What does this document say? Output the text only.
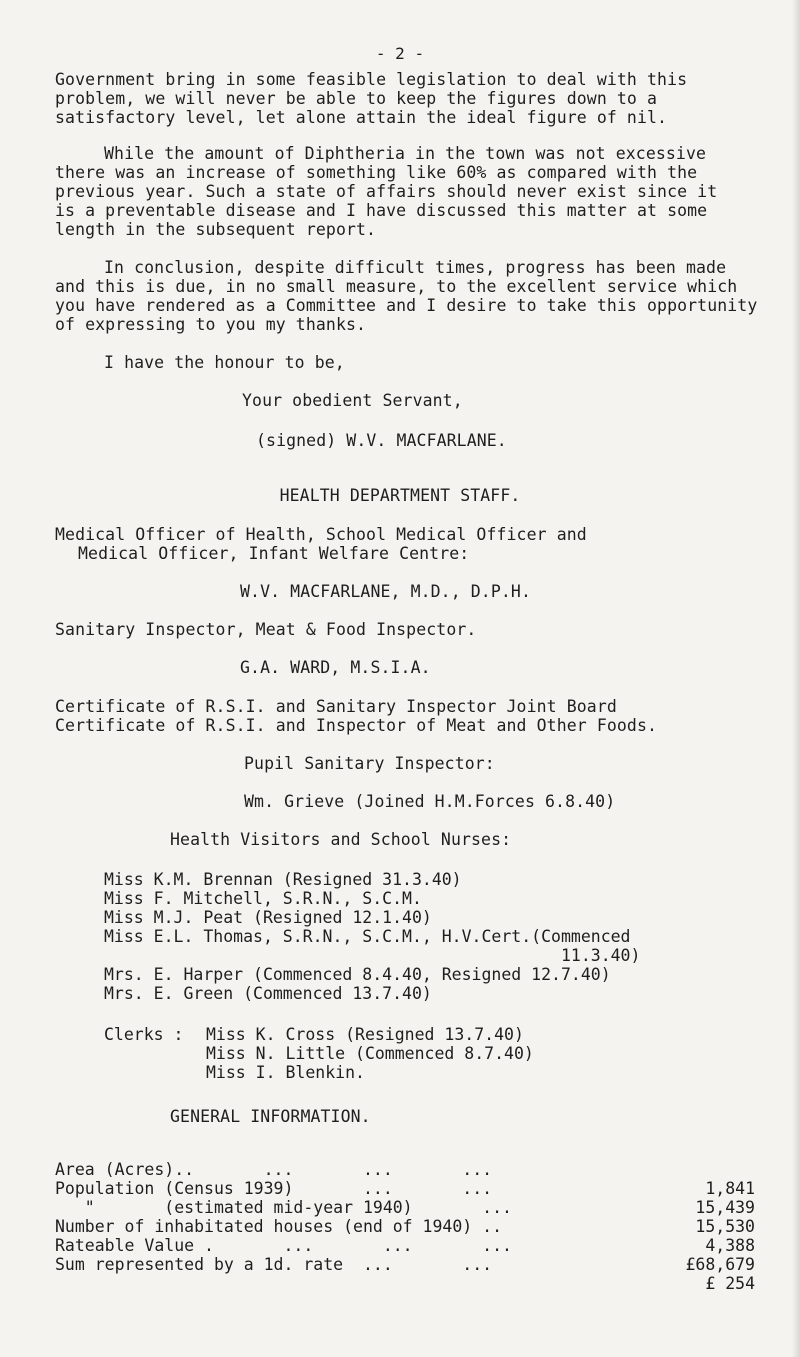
- 2 -
Government bring in some feasible legislation to deal with this
problem, we will never be able to keep the figures down to a
satisfactory level, let alone attain the ideal figure of nil.
While the amount of Diphtheria in the town was not excessive
there was an increase of something like 60% as compared with the
previous year. Such a state of affairs should never exist since it
is a preventable disease and I have discussed this matter at some
length in the subsequent report.
In conclusion, despite difficult times, progress has been made
and this is due, in no small measure, to the excellent service which
you have rendered as a Committee and I desire to take this opportunity
of expressing to you my thanks.
I have the honour to be,
Your obedient Servant,
(signed) W.V. MACFARLANE.
HEALTH DEPARTMENT STAFF.
Medical Officer of Health, School Medical Officer and
Medical Officer, Infant Welfare Centre:
W.V. MACFARLANE, M.D., D.P.H.
Sanitary Inspector, Meat & Food Inspector.
G.A. WARD, M.S.I.A.
Certificate of R.S.I. and Sanitary Inspector Joint Board
Certificate of R.S.I. and Inspector of Meat and Other Foods.
Pupil Sanitary Inspector:
Wm. Grieve (Joined H.M.Forces 6.8.40)
Health Visitors and School Nurses:
Miss K.M. Brennan (Resigned 31.3.40)
Miss F. Mitchell, S.R.N., S.C.M.
Miss M.J. Peat (Resigned 12.1.40)
Miss E.L. Thomas, S.R.N., S.C.M., H.V.Cert.(Commenced
11.3.40)
Mrs. E. Harper (Commenced 8.4.40, Resigned 12.7.40)
Mrs. E. Green (Commenced 13.7.40)
Clerks : Miss K. Cross (Resigned 13.7.40)
Miss N. Little (Commenced 8.7.40)
Miss I. Blenkin.
GENERAL INFORMATION.

Area (Acres)..       ...       ...       ...

1,841

Population (Census 1939)       ...       ...

15,439

"       (estimated mid-year 1940)       ...

15,530

Number of inhabitated houses (end of 1940) ..

4,388

Rateable Value .       ...       ...       ...

£68,679

Sum represented by a 1d. rate  ...       ...

£ 254
